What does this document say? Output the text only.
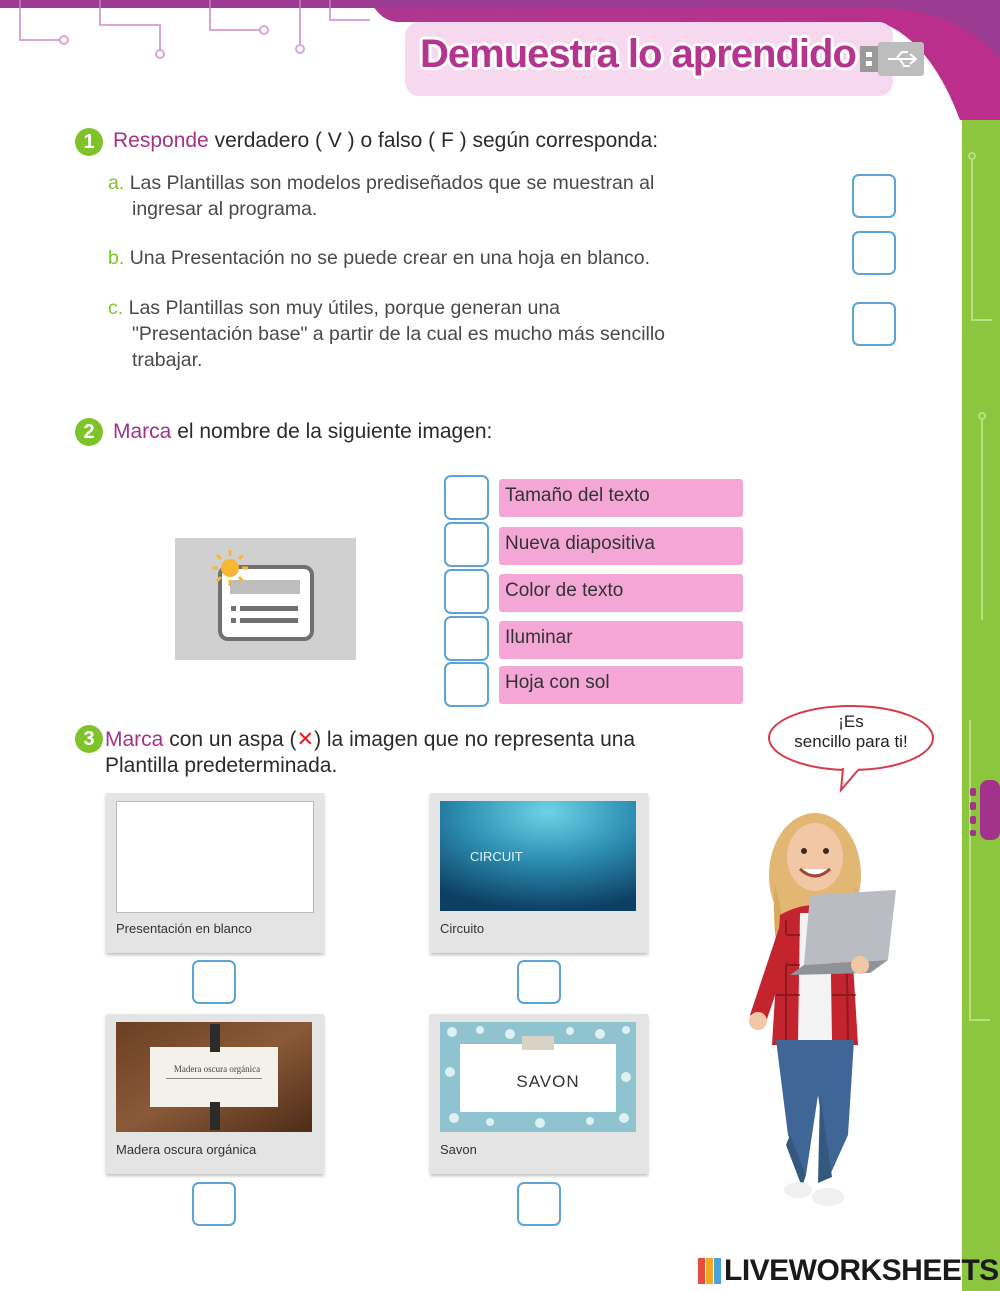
Demuestra lo aprendido
1 Responde verdadero ( V ) o falso ( F ) según corresponda:
a. Las Plantillas son modelos prediseñados que se muestran al
ingresar al programa.
b. Una Presentación no se puede crear en una hoja en blanco.
c. Las Plantillas son muy útiles, porque generan una
"Presentación base" a partir de la cual es mucho más sencillo
trabajar.
2 Marca el nombre de la siguiente imagen:
Tamaño del texto
Nueva diapositiva
Color de texto
Iluminar
Hoja con sol
3 Marca con un aspa (✕) la imagen que no representa una
Plantilla predeterminada.
Presentación en blanco
CIRCUIT
Circuito
Madera oscura orgánica
Madera oscura orgánica
SAVON
Savon
¡Es
sencillo para ti!
LIVEWORKSHEETS
